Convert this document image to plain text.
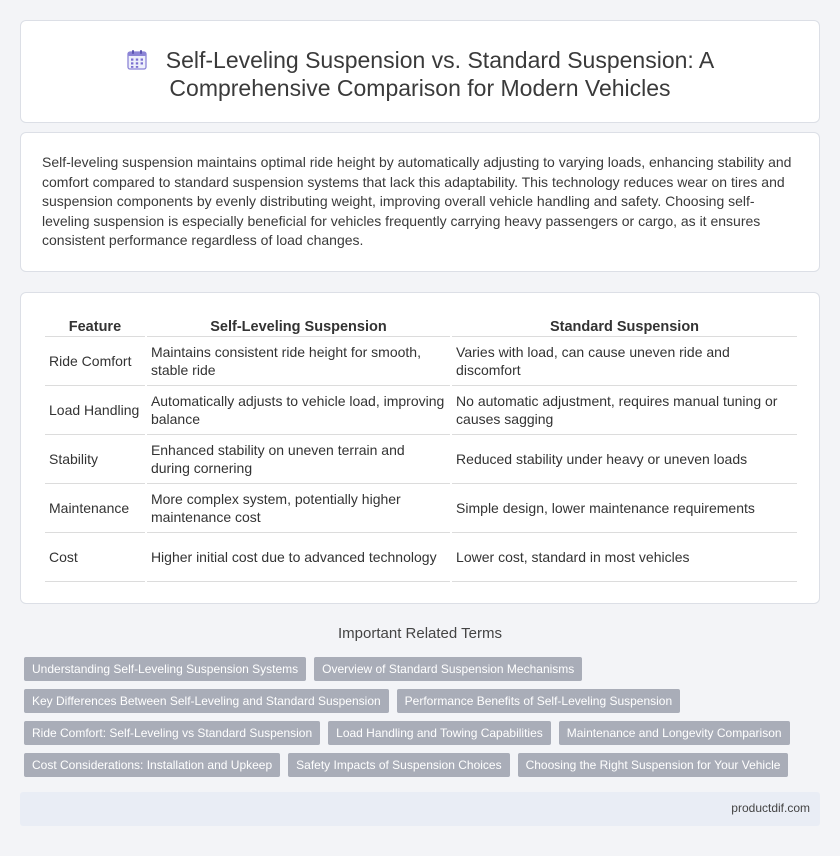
Self-Leveling Suspension vs. Standard Suspension: A Comprehensive Comparison for Modern Vehicles

Self-leveling suspension maintains optimal ride height by automatically adjusting to varying loads, enhancing stability and comfort compared to standard suspension systems that lack this adaptability. This technology reduces wear on tires and suspension components by evenly distributing weight, improving overall vehicle handling and safety. Choosing self-leveling suspension is especially beneficial for vehicles frequently carrying heavy passengers or cargo, as it ensures consistent performance regardless of load changes.

Feature	Self-Leveling Suspension	Standard Suspension
Ride Comfort	Maintains consistent ride height for smooth, stable ride	Varies with load, can cause uneven ride and discomfort
Load Handling	Automatically adjusts to vehicle load, improving balance	No automatic adjustment, requires manual tuning or causes sagging
Stability	Enhanced stability on uneven terrain and during cornering	Reduced stability under heavy or uneven loads
Maintenance	More complex system, potentially higher maintenance cost	Simple design, lower maintenance requirements
Cost	Higher initial cost due to advanced technology	Lower cost, standard in most vehicles
Important Related Terms
Understanding Self-Leveling Suspension Systems	Overview of Standard Suspension Mechanisms
Key Differences Between Self-Leveling and Standard Suspension	Performance Benefits of Self-Leveling Suspension
Ride Comfort: Self-Leveling vs Standard Suspension	Load Handling and Towing Capabilities	Maintenance and Longevity Comparison
Cost Considerations: Installation and Upkeep	Safety Impacts of Suspension Choices	Choosing the Right Suspension for Your Vehicle
productdif.com
